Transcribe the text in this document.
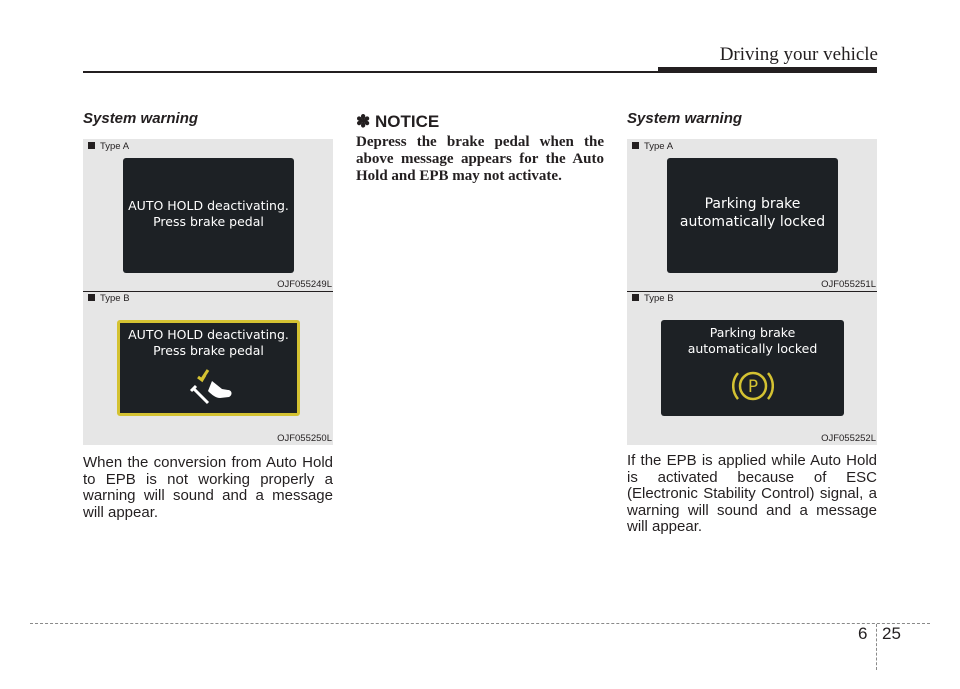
Driving your vehicle
System warning
Type A
AUTO HOLD deactivating.
Press brake pedal
OJF055249L
Type B
AUTO HOLD deactivating.
Press brake pedal
OJF055250L
When the conversion from Auto Hold to EPB is not working properly a warning will sound and a message will appear.
✽ NOTICE
Depress the brake pedal when the above message appears for the Auto Hold and EPB may not activate.
System warning
Type A
Parking brake
automatically locked
OJF055251L
Type B
Parking brake
automatically locked
P
OJF055252L
If the EPB is applied while Auto Hold is activated because of ESC (Electronic Stability Control) signal, a warning will sound and a message will appear.
6 25
